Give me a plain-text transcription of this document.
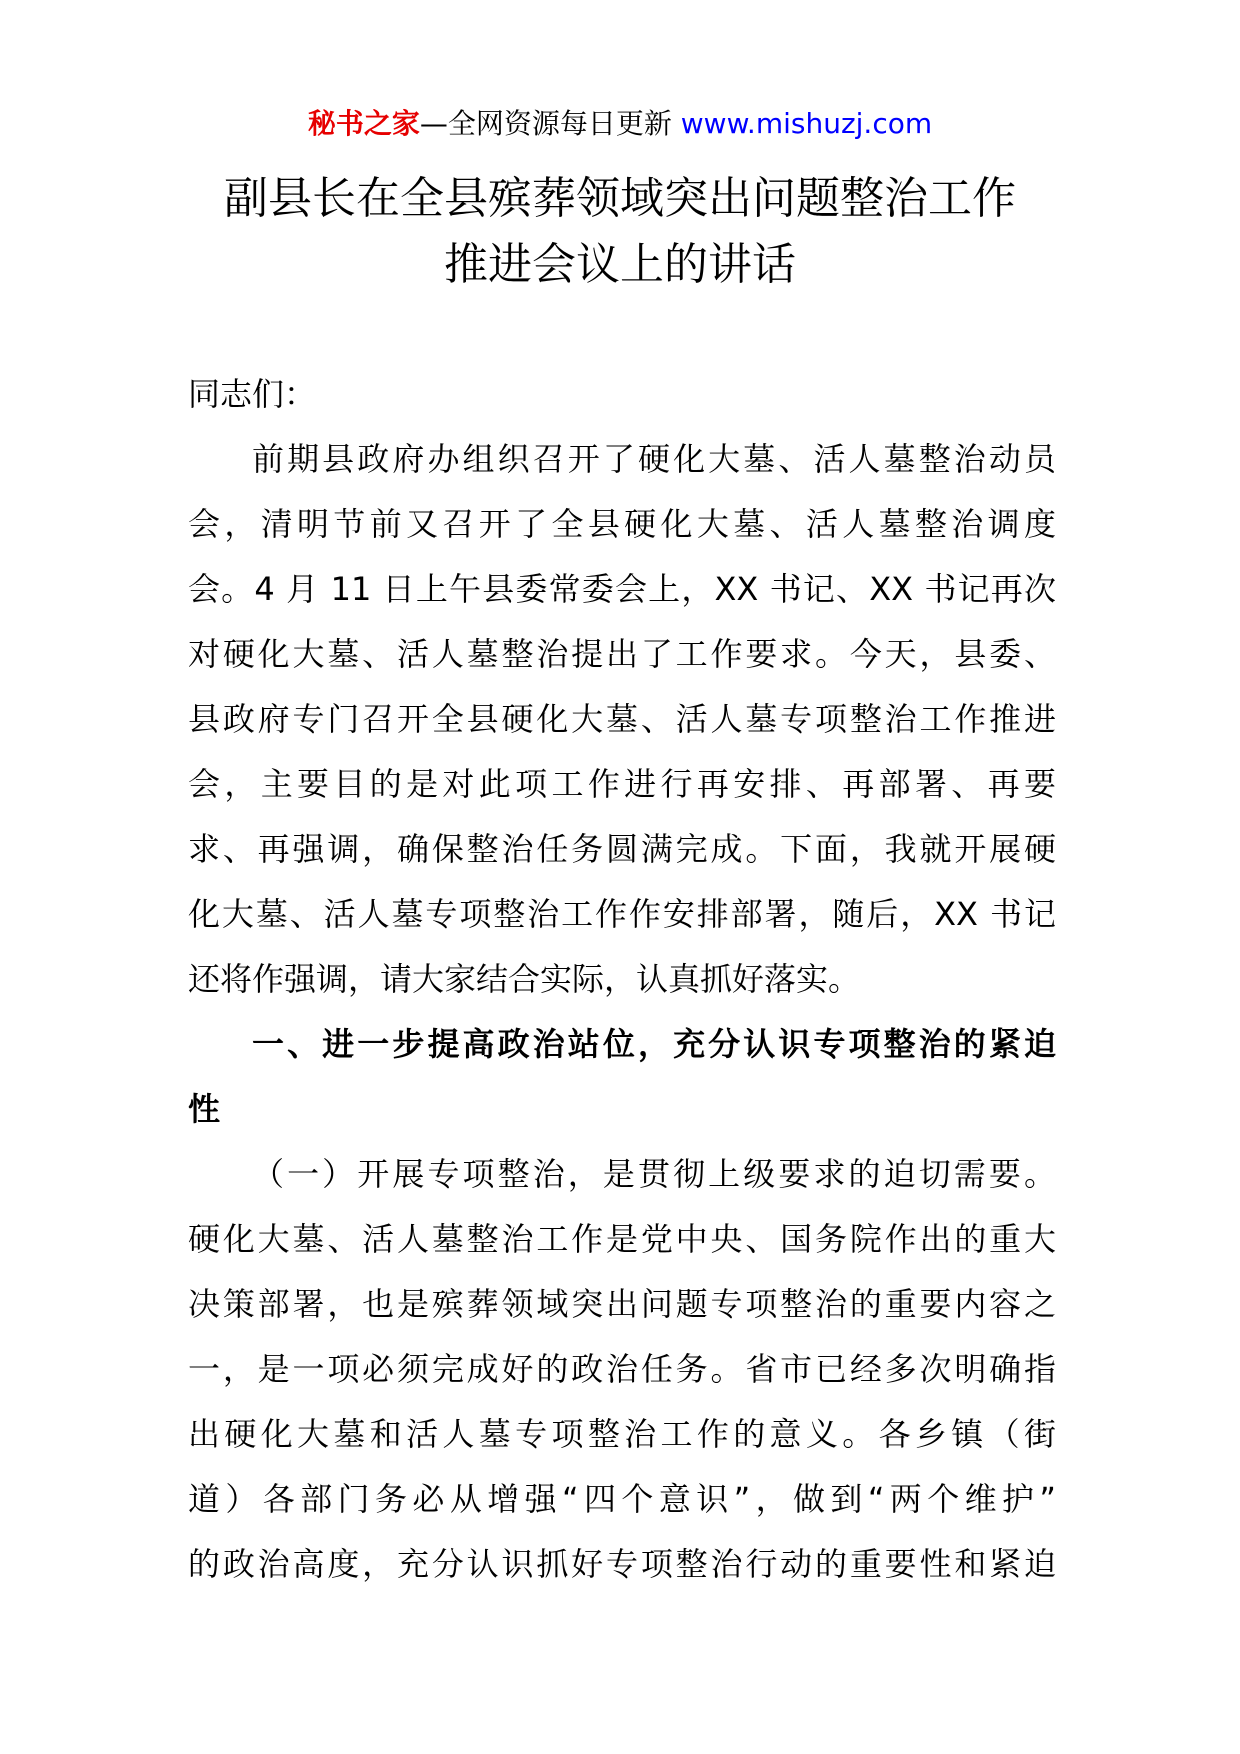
秘书之家—全网资源每日更新 www.mishuzj.com
副县长在全县殡葬领域突出问题整治工作
推进会议上的讲话
同志们：
前期县政府办组织召开了硬化大墓、活人墓整治动员
会，清明节前又召开了全县硬化大墓、活人墓整治调度
会。4 月 11 日上午县委常委会上，XX 书记、XX 书记再次
对硬化大墓、活人墓整治提出了工作要求。今天，县委、
县政府专门召开全县硬化大墓、活人墓专项整治工作推进
会，主要目的是对此项工作进行再安排、再部署、再要
求、再强调，确保整治任务圆满完成。下面，我就开展硬
化大墓、活人墓专项整治工作作安排部署，随后，XX 书记
还将作强调，请大家结合实际，认真抓好落实。
一、进一步提高政治站位，充分认识专项整治的紧迫
性
（一）开展专项整治，是贯彻上级要求的迫切需要。
硬化大墓、活人墓整治工作是党中央、国务院作出的重大
决策部署，也是殡葬领域突出问题专项整治的重要内容之
一，是一项必须完成好的政治任务。省市已经多次明确指
出硬化大墓和活人墓专项整治工作的意义。各乡镇（街
道）各部门务必从增强“四个意识”，做到“两个维护”
的政治高度，充分认识抓好专项整治行动的重要性和紧迫
